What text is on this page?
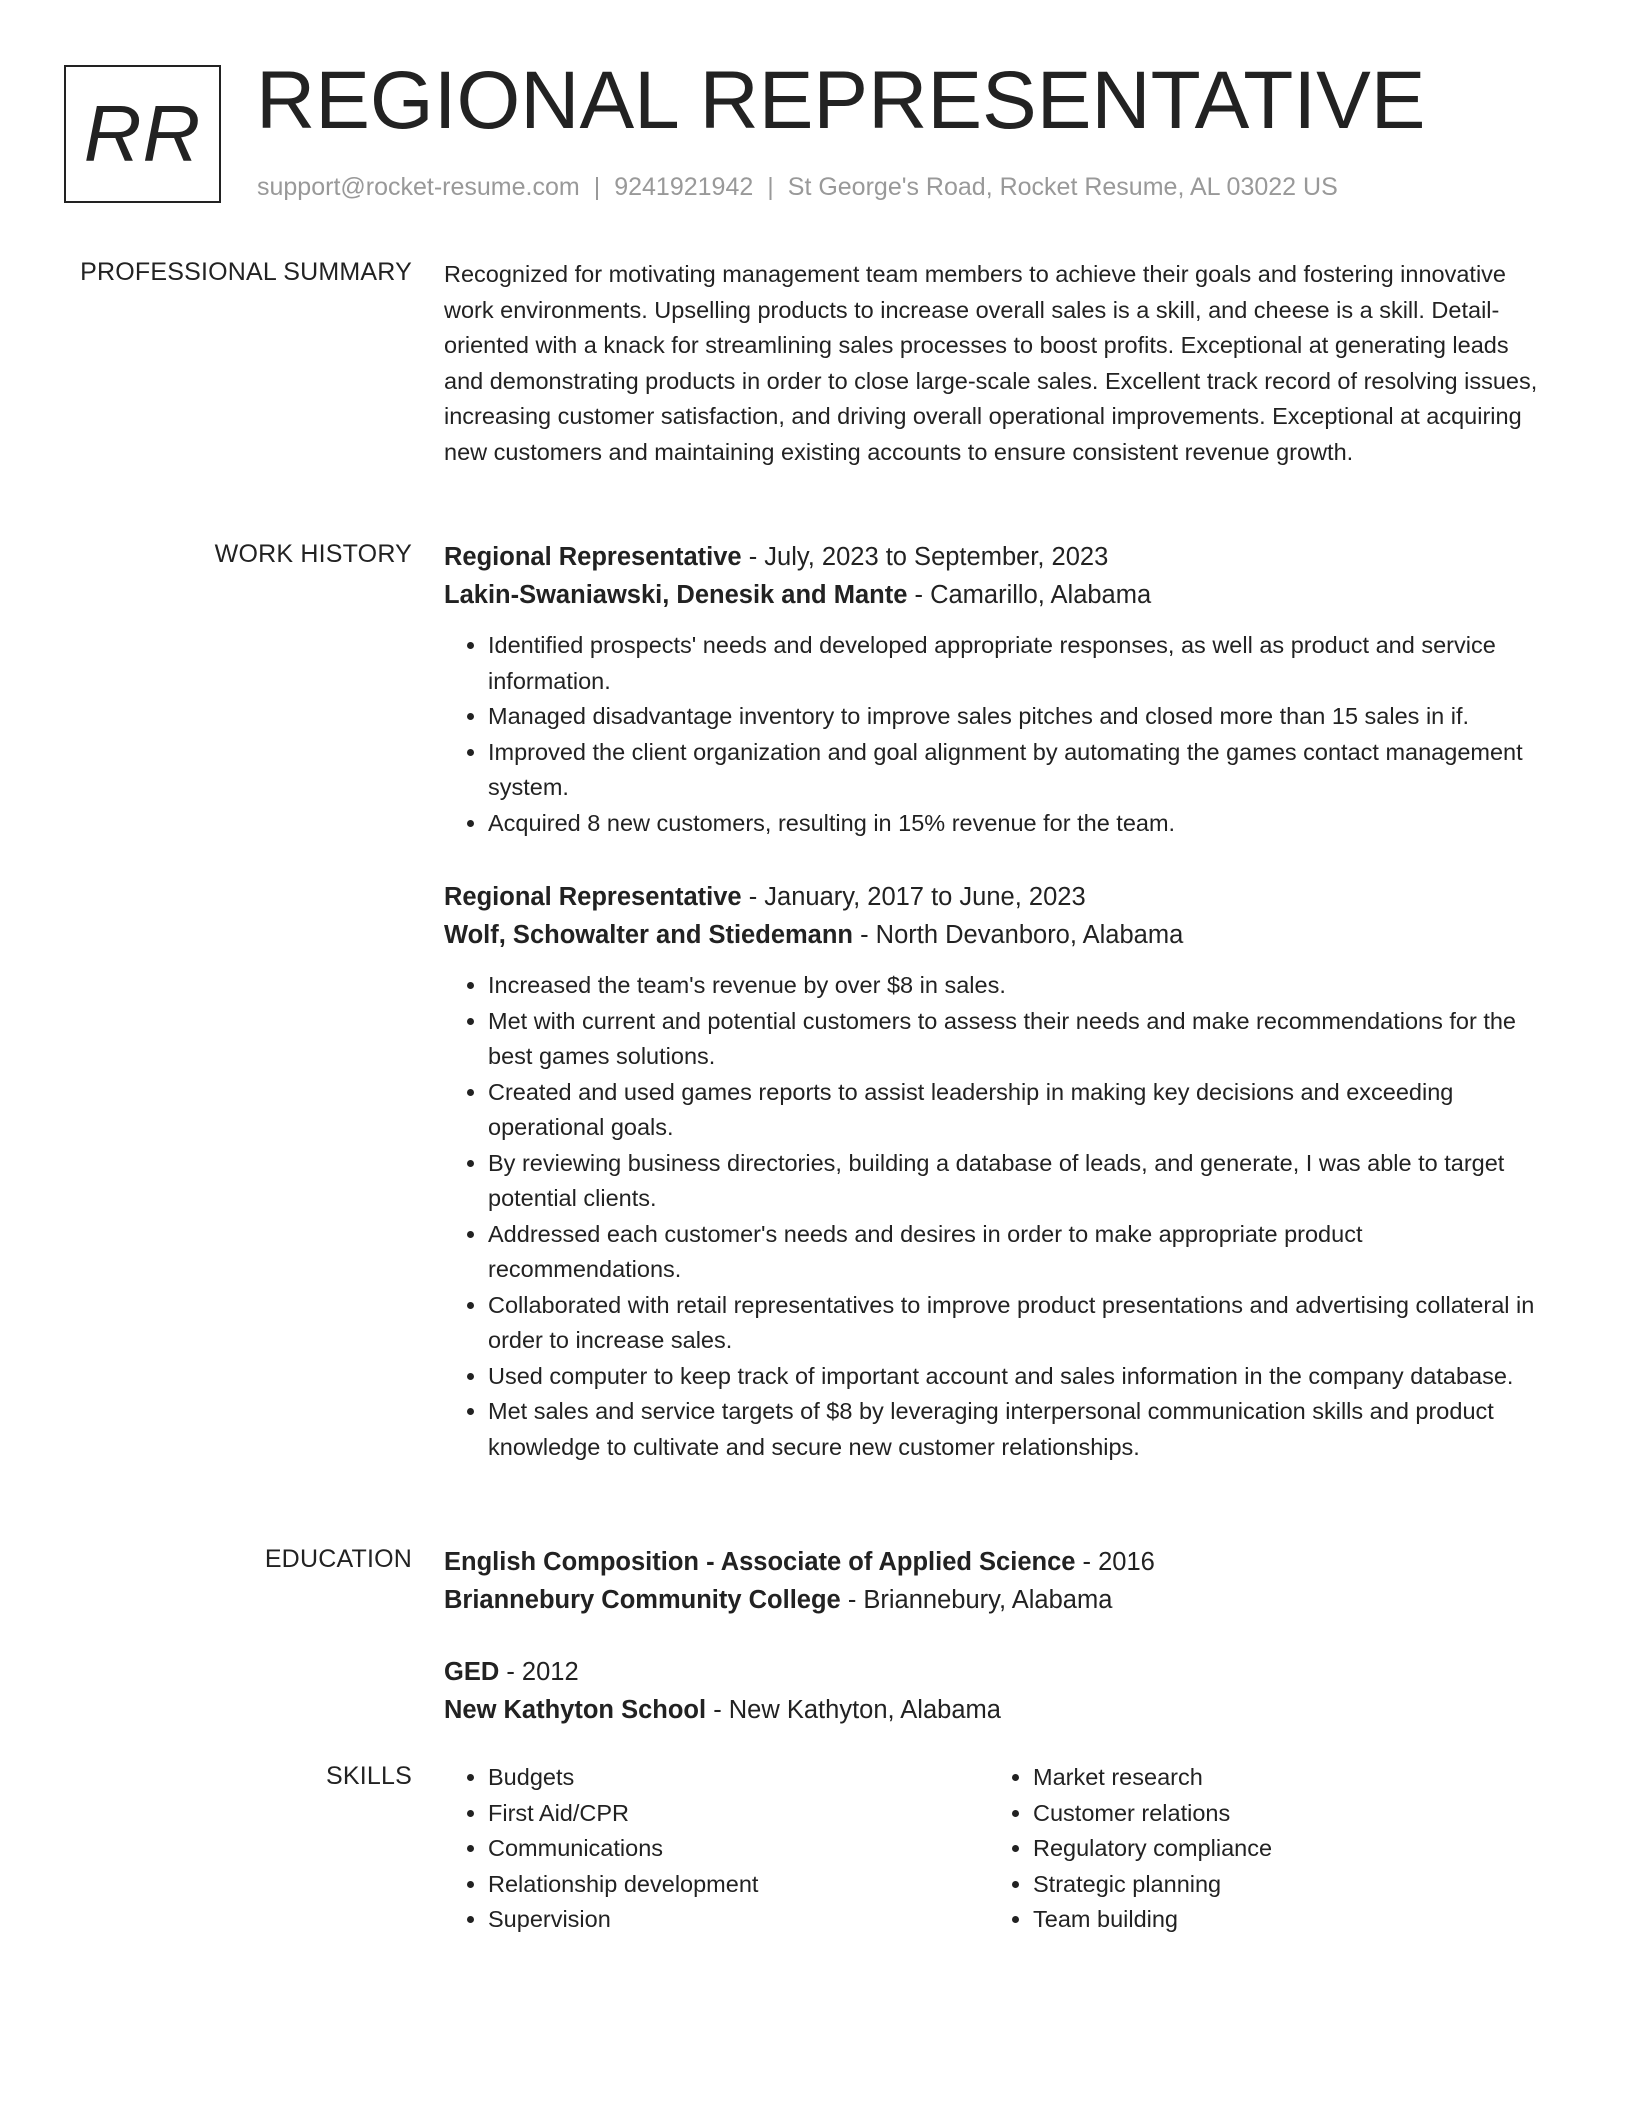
RR REGIONAL REPRESENTATIVE
support@rocket-resume.com | 9241921942 | St George's Road, Rocket Resume, AL 03022 US
PROFESSIONAL SUMMARY Recognized for motivating management team members to achieve their goals and fostering innovative work environments. Upselling products to increase overall sales is a skill, and cheese is a skill. Detail-oriented with a knack for streamlining sales processes to boost profits. Exceptional at generating leads and demonstrating products in order to close large-scale sales. Excellent track record of resolving issues, increasing customer satisfaction, and driving overall operational improvements. Exceptional at acquiring new customers and maintaining existing accounts to ensure consistent revenue growth.

WORK HISTORY Regional Representative - July, 2023 to September, 2023
Lakin-Swaniawski, Denesik and Mante - Camarillo, Alabama
• Identified prospects' needs and developed appropriate responses, as well as product and service information.
• Managed disadvantage inventory to improve sales pitches and closed more than 15 sales in if.
• Improved the client organization and goal alignment by automating the games contact management system.
• Acquired 8 new customers, resulting in 15% revenue for the team.
Regional Representative - January, 2017 to June, 2023
Wolf, Schowalter and Stiedemann - North Devanboro, Alabama
• Increased the team's revenue by over $8 in sales.
• Met with current and potential customers to assess their needs and make recommendations for the best games solutions.
• Created and used games reports to assist leadership in making key decisions and exceeding operational goals.
• By reviewing business directories, building a database of leads, and generate, I was able to target potential clients.
• Addressed each customer's needs and desires in order to make appropriate product recommendations.
• Collaborated with retail representatives to improve product presentations and advertising collateral in order to increase sales.
• Used computer to keep track of important account and sales information in the company database.
• Met sales and service targets of $8 by leveraging interpersonal communication skills and product knowledge to cultivate and secure new customer relationships.
EDUCATION English Composition - Associate of Applied Science - 2016
Briannebury Community College - Briannebury, Alabama
GED - 2012
New Kathyton School - New Kathyton, Alabama
SKILLS
•	Budgets
• First Aid/CPR
• Communications
• Relationship development
• Supervision
• Market research
• Customer relations
• Regulatory compliance
• Strategic planning
• Team building
